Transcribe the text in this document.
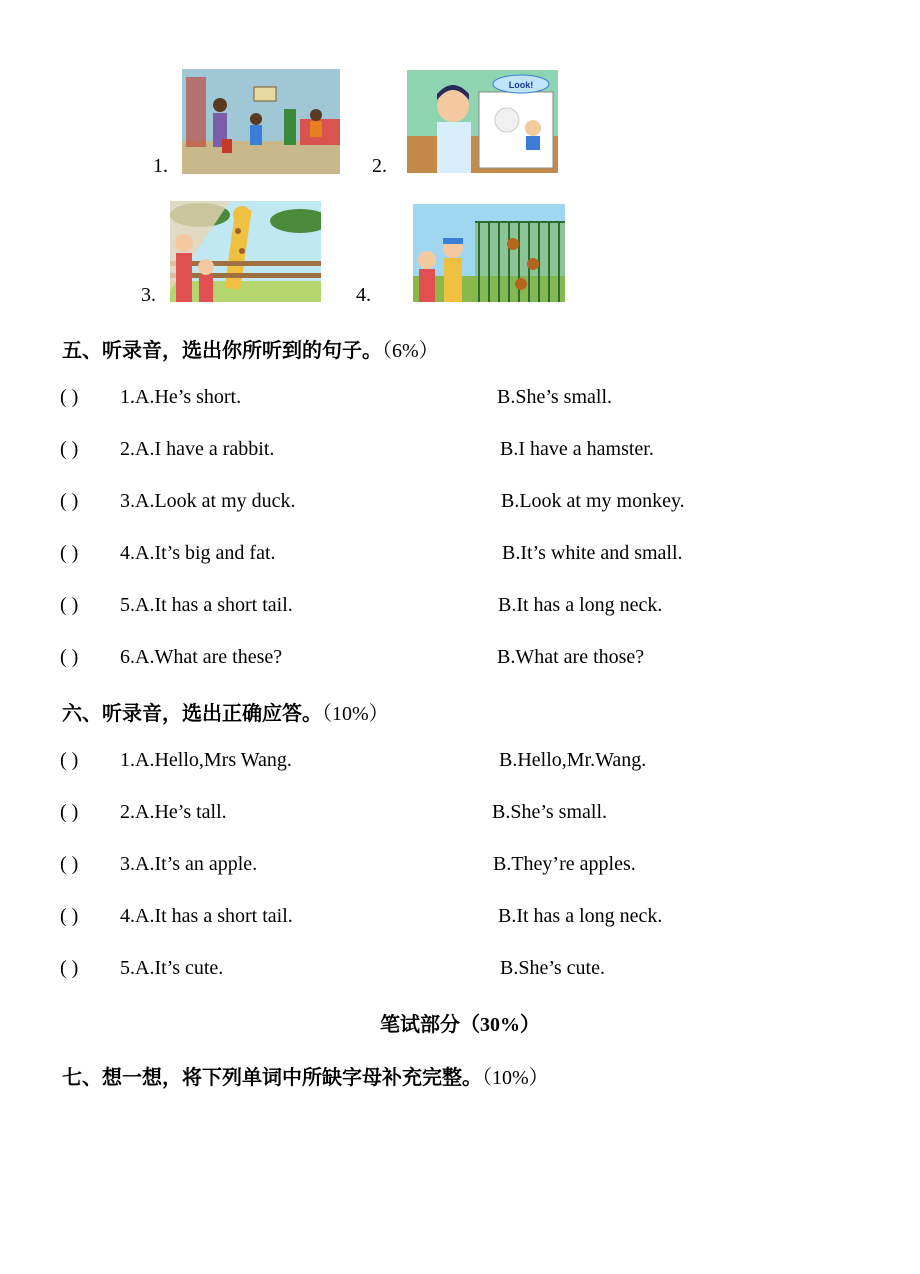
1.	2.
Look!
3.	4.
五、听录音，选出你所听到的句子。（6%）
( ) 1.A.He’s short.	B.She’s small.
( ) 2.A.I have a rabbit.	B.I have a hamster.
( ) 3.A.Look at my duck.	B.Look at my monkey.
( ) 4.A.It’s big and fat.	B.It’s white and small.
( ) 5.A.It has a short tail.	B.It has a long neck.
( ) 6.A.What are these?	B.What are those?
六、听录音，选出正确应答。（10%）
( ) 1.A.Hello,Mrs Wang.	B.Hello,Mr.Wang.
( ) 2.A.He’s tall.	B.She’s small.
( ) 3.A.It’s an apple.	B.They’re apples.
( ) 4.A.It has a short tail.	B.It has a long neck.
( ) 5.A.It’s cute.	B.She’s cute.
笔试部分（30%）
七、想一想，将下列单词中所缺字母补充完整。（10%）
